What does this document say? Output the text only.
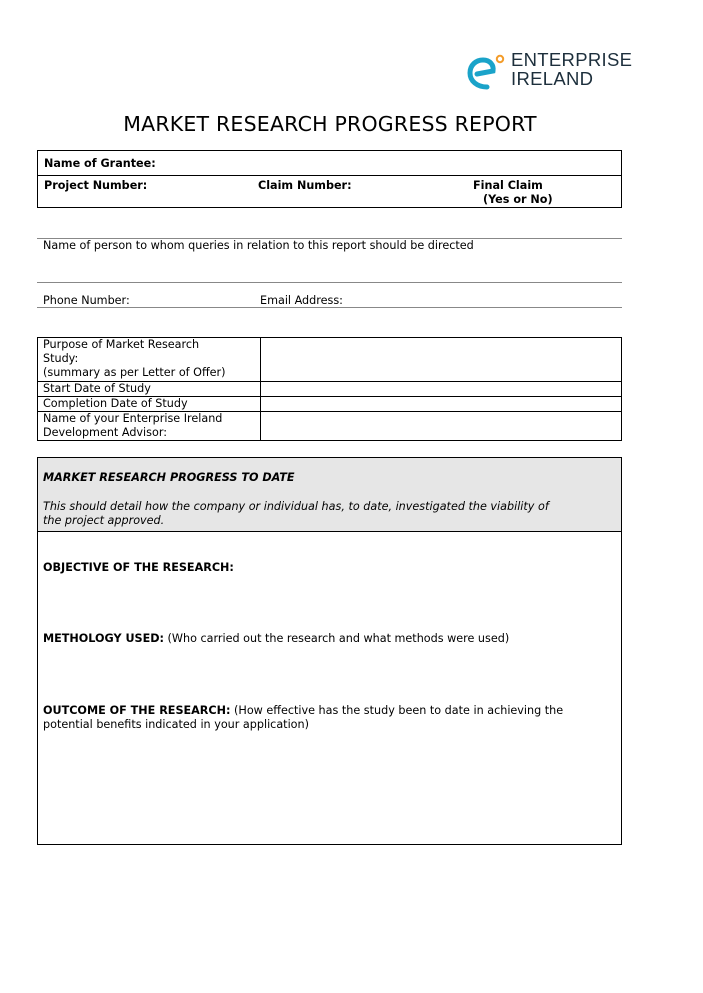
ENTERPRISE
IRELAND
MARKET RESEARCH PROGRESS REPORT
Name of Grantee:
Project Number:	Claim Number:	Final Claim
(Yes or No)
Name of person to whom queries in relation to this report should be directed
Phone Number:	Email Address:
Purpose of Market Research
Study:
(summary as per Letter of Offer)	

Start Date of Study	
Completion Date of Study	

Name of your Enterprise Ireland
Development Advisor:	

MARKET RESEARCH PROGRESS TO DATE
This should detail how the company or individual has, to date, investigated the viability of
the project approved.
OBJECTIVE OF THE RESEARCH:
METHOLOGY USED: (Who carried out the research and what methods were used)
OUTCOME OF THE RESEARCH: (How effective has the study been to date in achieving the
potential benefits indicated in your application)
